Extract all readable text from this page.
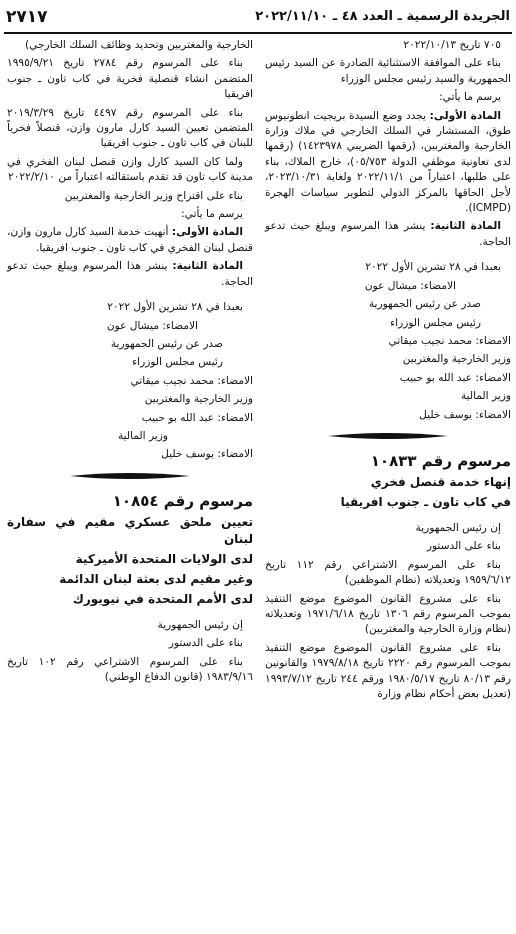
الجريدة الرسمية ـ العدد ٤٨ ـ ٢٠٢٢/١١/١٠
٢٧١٧

٧٠٥ تاريخ ٢٠٢٢/١٠/١٣

بناء على الموافقة الاستثنائية الصادرة عن السيد رئيس الجمهورية والسيد رئيس مجلس الوزراء

يرسم ما يأتي:

المادة الأولى: يجدد وضع السيدة بريجيت انطونيوس طوق، المستشار في السلك الخارجي في ملاك وزارة الخارجية والمغتربين، (رقمها الضريبي ١٤٢٣٩٧٨) (رقمها لدى تعاونية موظفي الدولة ٠٥/٧٥٣)، خارج الملاك، بناء على طلبها، اعتباراً من ٢٠٢٢/١١/١ ولغاية ٢٠٢٣/١٠/٣١، لأجل الحاقها بالمركز الدولي لتطوير سياسات الهجرة (ICMPD).

المادة الثانية: ينشر هذا المرسوم ويبلغ حيث تدعو الحاجة.

بعبدا في ٢٨ تشرين الأول ٢٠٢٢

الامضاء: ميشال عون

صدر عن رئيس الجمهورية

رئيس مجلس الوزراء

الامضاء: محمد نجيب ميقاتي

وزير الخارجية والمغتربين

الامضاء: عبد الله بو حبيب

وزير المالية

الامضاء: يوسف خليل

مرسوم رقم ١٠٨٣٣

إنهاء خدمة قنصل فخري

في كاب تاون ـ جنوب افريقيا

إن رئيس الجمهورية

بناء على الدستور

بناء على المرسوم الاشتراعي رقم ١١٢ تاريخ ١٩٥٩/٦/١٢ وتعديلاته (نظام الموظفين)

بناء على مشروع القانون الموضوع موضع التنفيذ بموجب المرسوم رقم ١٣٠٦ تاريخ ١٩٧١/٦/١٨ وتعديلاته (نظام وزارة الخارجية والمغتربين)

بناء على مشروع القانون الموضوع موضع التنفيذ بموجب المرسوم رقم ٢٢٢٠ تاريخ ١٩٧٩/٨/١٨ والقانونين رقم ٨٠/١٣ تاريخ ١٩٨٠/٥/١٧ ورقم ٢٤٤ تاريخ ١٩٩٣/٧/١٢ (تعديل بعض أحكام نظام وزارة

الخارجية والمغتربين وتحديد وظائف السلك الخارجي)

بناء على المرسوم رقم ٢٧٨٤ تاريخ ١٩٩٥/٩/٢١ المتضمن انشاء قنصلية فخرية في كاب تاون ـ جنوب افريقيا

بناء على المرسوم رقم ٤٤٩٧ تاريخ ٢٠١٩/٣/٢٩ المتضمن تعيين السيد كارل مارون وازن، قنصلاً فخرياً للبنان في كاب تاون ـ جنوب افريقيا

ولما كان السيد كارل وازن قنصل لبنان الفخري في مدينة كاب تاون قد تقدم باستقالته اعتباراً من ٢٠٢٢/٢/١٠

بناء على اقتراح وزير الخارجية والمغتربين

يرسم ما يأتي:

المادة الأولى: أنهيت خدمة السيد كارل مارون وازن، قنصل لبنان الفخري في كاب تاون ـ جنوب افريقيا.

المادة الثانية: ينشر هذا المرسوم ويبلغ حيث تدعو الحاجة.

بعبدا في ٢٨ تشرين الأول ٢٠٢٢

الامضاء: ميشال عون

صدر عن رئيس الجمهورية

رئيس مجلس الوزراء

الامضاء: محمد نجيب ميقاتي

وزير الخارجية والمغتربين

الامضاء: عبد الله بو حبيب

وزير المالية

الامضاء: يوسف خليل

مرسوم رقم ١٠٨٥٤

تعيين ملحق عسكري مقيم في سفارة لبنان

لدى الولايات المتحدة الأميركية

وغير مقيم لدى بعثة لبنان الدائمة

لدى الأمم المتحدة في نيويورك

إن رئيس الجمهورية

بناء على الدستور

بناء على المرسوم الاشتراعي رقم ١٠٢ تاريخ ١٩٨٣/٩/١٦ (قانون الدفاع الوطني)
